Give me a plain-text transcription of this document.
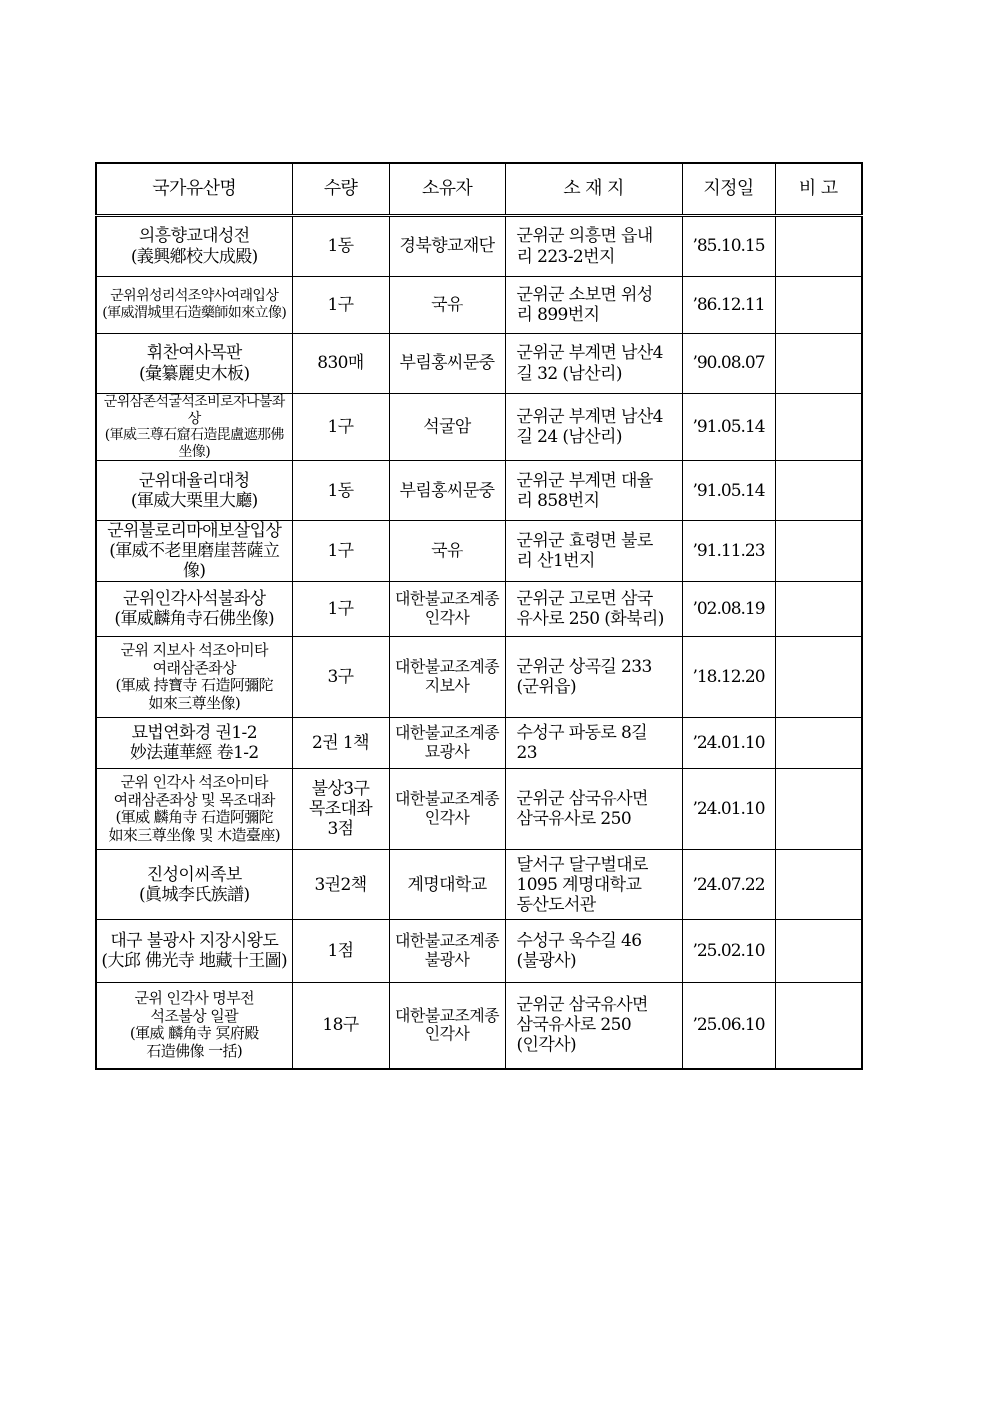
국가유산명	수량	소유자	소 재 지	지정일	비 고

의흥향교대성전
(義興鄕校大成殿)	1동	경북향교재단	군위군 의흥면 읍내
리 223-2번지	’85.10.15	

군위위성리석조약사여래입상
(軍威渭城里石造藥師如來立像)	1구	국유	군위군 소보면 위성
리 899번지	’86.12.11	

휘찬여사목판
(彙纂麗史木板)	830매	부림홍씨문중	군위군 부계면 남산4
길 32 (남산리)	’90.08.07	

군위삼존석굴석조비로자나불좌상
(軍威三尊石窟石造毘盧遮那佛坐像)	1구	석굴암	군위군 부계면 남산4
길 24 (남산리)	’91.05.14	

군위대율리대청
(軍威大栗里大廳)	1동	부림홍씨문중	군위군 부계면 대율
리 858번지	’91.05.14	

군위불로리마애보살입상
(軍威不老里磨崖菩薩立像)	1구	국유	군위군 효령면 불로
리 산1번지	’91.11.23	

군위인각사석불좌상
(軍威麟角寺石佛坐像)	1구	대한불교조계종
인각사	군위군 고로면 삼국
유사로 250 (화북리)	’02.08.19	

군위 지보사 석조아미타
여래삼존좌상
(軍威 持寶寺 石造阿彌陀
如來三尊坐像)	3구	대한불교조계종
지보사	군위군 상곡길 233
(군위읍)	’18.12.20	

묘법연화경 권1-2
妙法蓮華經 卷1-2	2권 1책	대한불교조계종
묘광사	수성구 파동로 8길
23	’24.01.10	

군위 인각사 석조아미타
여래삼존좌상 및 목조대좌
(軍威 麟角寺 石造阿彌陀
如來三尊坐像 및 木造臺座)	불상3구
목조대좌
3점	대한불교조계종
인각사	군위군 삼국유사면
삼국유사로 250	’24.01.10	

진성이씨족보
(眞城李氏族譜)	3권2책	계명대학교	달서구 달구벌대로
1095 계명대학교
동산도서관	’24.07.22	

대구 불광사 지장시왕도
(大邱 佛光寺 地藏十王圖)	1점	대한불교조계종
불광사	수성구 욱수길 46
(불광사)	’25.02.10	

군위 인각사 명부전
석조불상 일괄
(軍威 麟角寺 冥府殿
石造佛像 一括)	18구	대한불교조계종
인각사	군위군 삼국유사면
삼국유사로 250
(인각사)	’25.06.10	
